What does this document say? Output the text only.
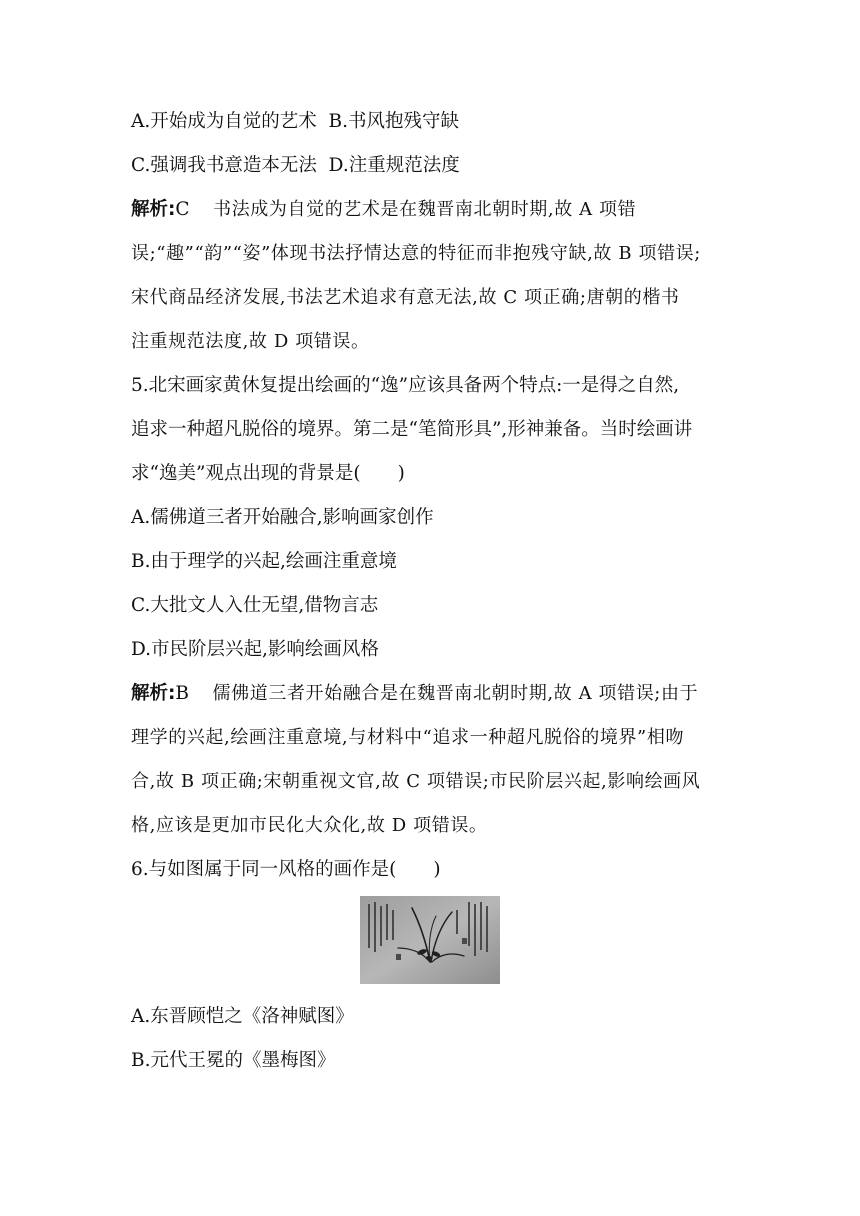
A.开始成为自觉的艺术 B.书风抱残守缺

C.强调我书意造本无法 D.注重规范法度

解析:C 书法成为自觉的艺术是在魏晋南北朝时期,故 A 项错

误;“趣”“韵”“姿”体现书法抒情达意的特征而非抱残守缺,故 B 项错误;

宋代商品经济发展,书法艺术追求有意无法,故 C 项正确;唐朝的楷书

注重规范法度,故 D 项错误。

5.北宋画家黄休复提出绘画的“逸”应该具备两个特点:一是得之自然,

追求一种超凡脱俗的境界。第二是“笔简形具”,形神兼备。当时绘画讲

求“逸美”观点出现的背景是(　　)

A.儒佛道三者开始融合,影响画家创作

B.由于理学的兴起,绘画注重意境

C.大批文人入仕无望,借物言志

D.市民阶层兴起,影响绘画风格

解析:B 儒佛道三者开始融合是在魏晋南北朝时期,故 A 项错误;由于

理学的兴起,绘画注重意境,与材料中“追求一种超凡脱俗的境界”相吻

合,故 B 项正确;宋朝重视文官,故 C 项错误;市民阶层兴起,影响绘画风

格,应该是更加市民化大众化,故 D 项错误。

6.与如图属于同一风格的画作是(　　)

A.东晋顾恺之《洛神赋图》

B.元代王冕的《墨梅图》
